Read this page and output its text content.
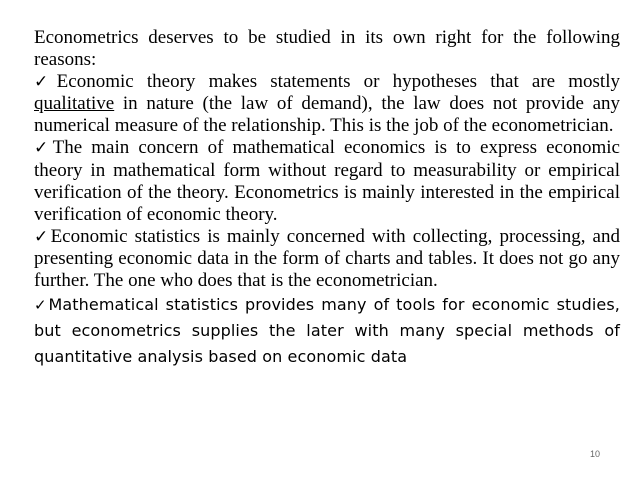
Econometrics deserves to be studied in its own right for the following reasons:

✓Economic theory makes statements or hypotheses that are mostly qualitative in nature (the law of demand), the law does not provide any numerical measure of the relationship. This is the job of the econometrician.

✓The main concern of mathematical economics is to express economic theory in mathematical form without regard to measurability or empirical verification of the theory. Econometrics is mainly interested in the empirical verification of economic theory.

✓Economic statistics is mainly concerned with collecting, processing, and presenting economic data in the form of charts and tables. It does not go any further. The one who does that is the econometrician.

✓Mathematical statistics provides many of tools for economic studies, but econometrics supplies the later with many special methods of quantitative analysis based on economic data

10
